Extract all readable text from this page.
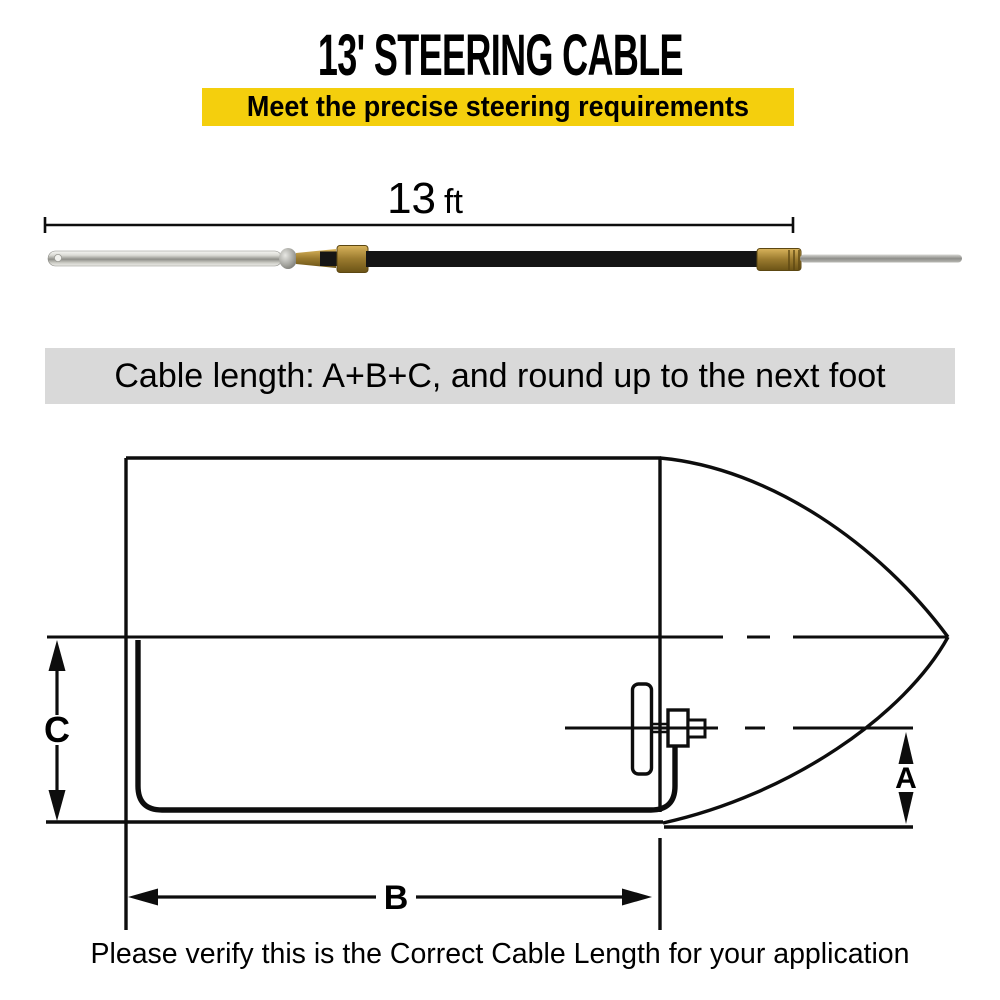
13' STEERING CABLE
Meet the precise steering requirements
13 ft
Cable length: A+B+C, and round up to the next foot
C
B
A
Please verify this is the Correct Cable Length for your application
